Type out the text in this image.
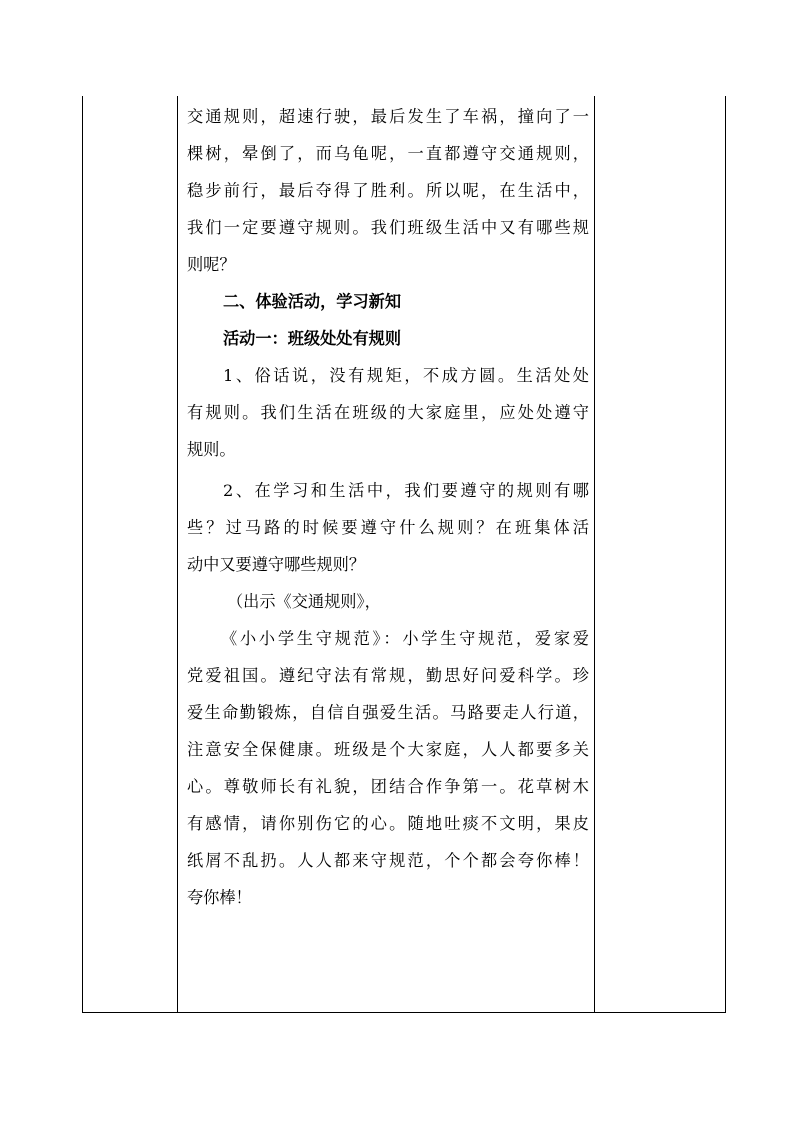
交通规则，超速行驶，最后发生了车祸，撞向了一
棵树，晕倒了，而乌龟呢，一直都遵守交通规则，
稳步前行，最后夺得了胜利。所以呢，在生活中，
我们一定要遵守规则。我们班级生活中又有哪些规
则呢？
二、体验活动，学习新知
活动一：班级处处有规则
1、俗话说，没有规矩，不成方圆。生活处处
有规则。我们生活在班级的大家庭里，应处处遵守
规则。
2、在学习和生活中，我们要遵守的规则有哪
些？过马路的时候要遵守什么规则？在班集体活
动中又要遵守哪些规则？
（出示《交通规则》，
《小小学生守规范》：小学生守规范，爱家爱
党爱祖国。遵纪守法有常规，勤思好问爱科学。珍
爱生命勤锻炼，自信自强爱生活。马路要走人行道，
注意安全保健康。班级是个大家庭，人人都要多关
心。尊敬师长有礼貌，团结合作争第一。花草树木
有感情，请你别伤它的心。随地吐痰不文明，果皮
纸屑不乱扔。人人都来守规范，个个都会夸你棒！
夸你棒！
